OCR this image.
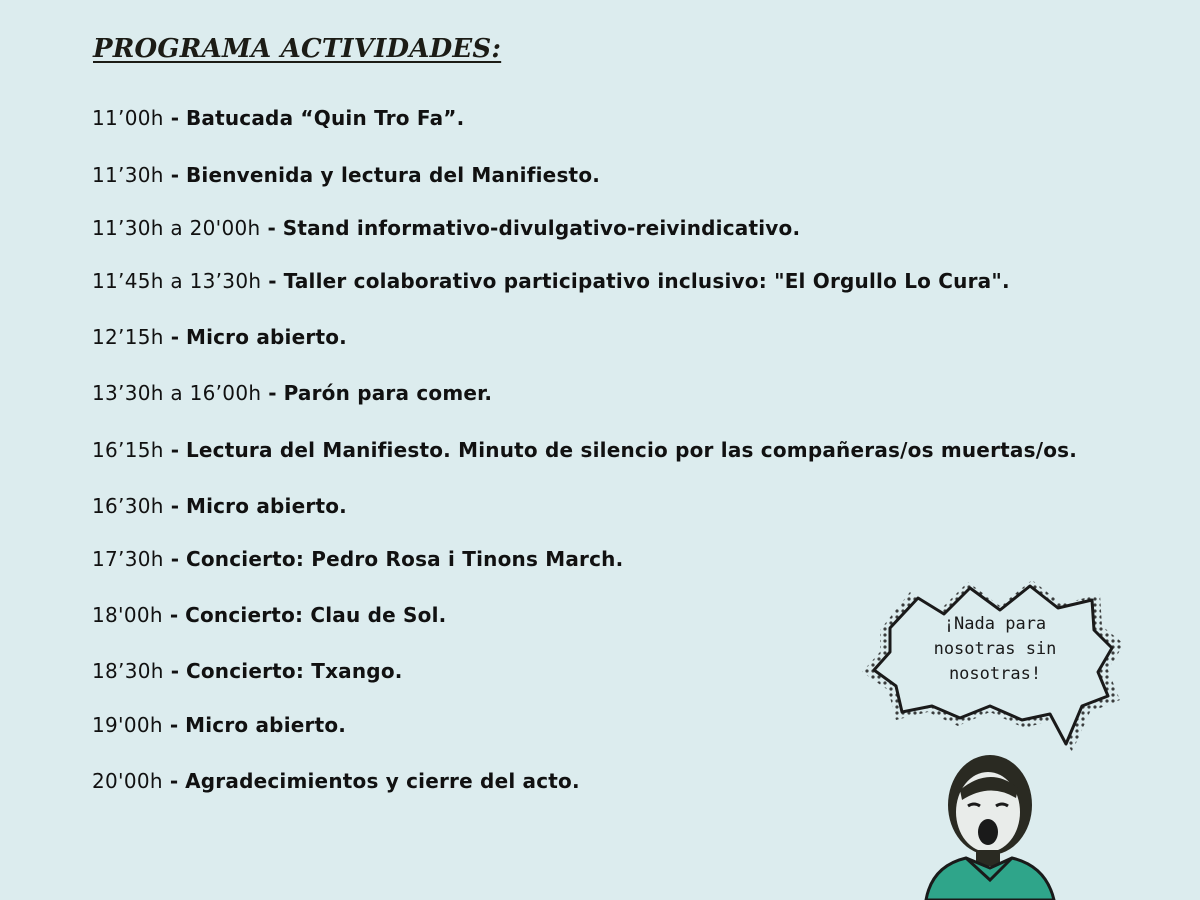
PROGRAMA ACTIVIDADES:
11’00h - Batucada “Quin Tro Fa”.
11’30h - Bienvenida y lectura del Manifiesto.
11’30h a 20'00h - Stand informativo-divulgativo-reivindicativo.
11’45h a 13’30h - Taller colaborativo participativo inclusivo: "El Orgullo Lo Cura".
12’15h - Micro abierto.
13’30h a 16’00h - Parón para comer.
16’15h - Lectura del Manifiesto. Minuto de silencio por las compañeras/os muertas/os.
16’30h - Micro abierto.
17’30h - Concierto: Pedro Rosa i Tinons March.
18'00h - Concierto: Clau de Sol.
18’30h - Concierto: Txango.
19'00h - Micro abierto.
20'00h - Agradecimientos y cierre del acto.
¡Nada para
nosotras sin
nosotras!
